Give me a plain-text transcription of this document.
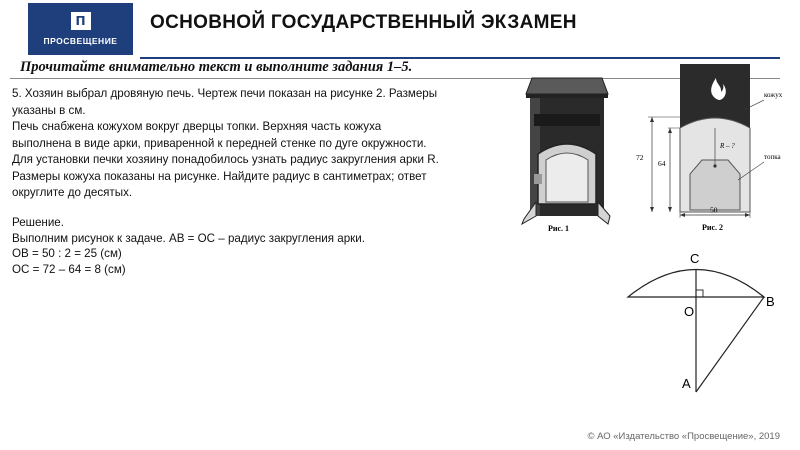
П
ПРОСВЕЩЕНИЕ
ОСНОВНОЙ ГОСУДАРСТВЕННЫЙ ЭКЗАМЕН
Прочитайте внимательно текст и выполните задания 1–5.

5. Хозяин выбрал дровяную печь. Чертеж печи показан на рисунке 2. Размеры

указаны в см.

Печь снабжена кожухом вокруг дверцы топки. Верхняя часть кожуха

выполнена в виде арки, приваренной к передней стенке по дуге окружности.

Для установки печки хозяину понадобилось узнать радиус закругления арки R.

Размеры кожуха показаны на рисунке. Найдите радиус в сантиметрах; ответ

округлите до десятых.

Решение.

Выполним рисунок к задаче. АВ = ОС – радиус закругления арки.

ОВ = 50 : 2 = 25 (см)

ОС = 72 – 64 = 8 (см)

Рис. 1
R – ?
кожух
топка
72
64
50
Рис. 2
C
O
B
A
© АО «Издательство «Просвещение», 2019
